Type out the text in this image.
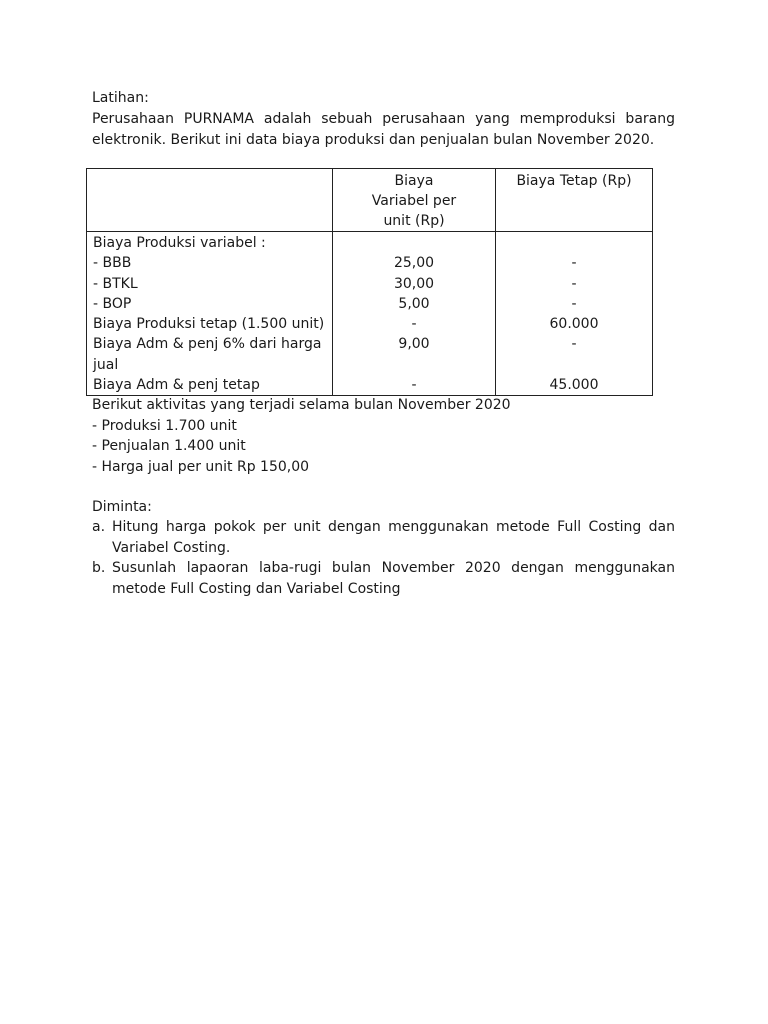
Latihan:
Perusahaan PURNAMA adalah sebuah perusahaan yang memproduksi barang elektronik. Berikut ini data biaya produksi dan penjualan bulan November 2020.

	Biaya Variabel per unit (Rp)	Biaya Tetap (Rp)
Biaya Produksi variabel :		
- BBB	25,00	-
- BTKL	30,00	-
- BOP	5,00	-
Biaya Produksi tetap (1.500 unit)	-	60.000
Biaya Adm & penj 6% dari harga jual	9,00	-
Biaya Adm & penj tetap	-	45.000
Berikut aktivitas yang terjadi selama bulan November 2020
- Produksi 1.700 unit
- Penjualan 1.400 unit
- Harga jual per unit Rp 150,00
Diminta:
a. Hitung harga pokok per unit dengan menggunakan metode Full Costing dan Variabel Costing.
b. Susunlah lapaoran laba-rugi bulan November 2020 dengan menggunakan metode Full Costing dan Variabel Costing
